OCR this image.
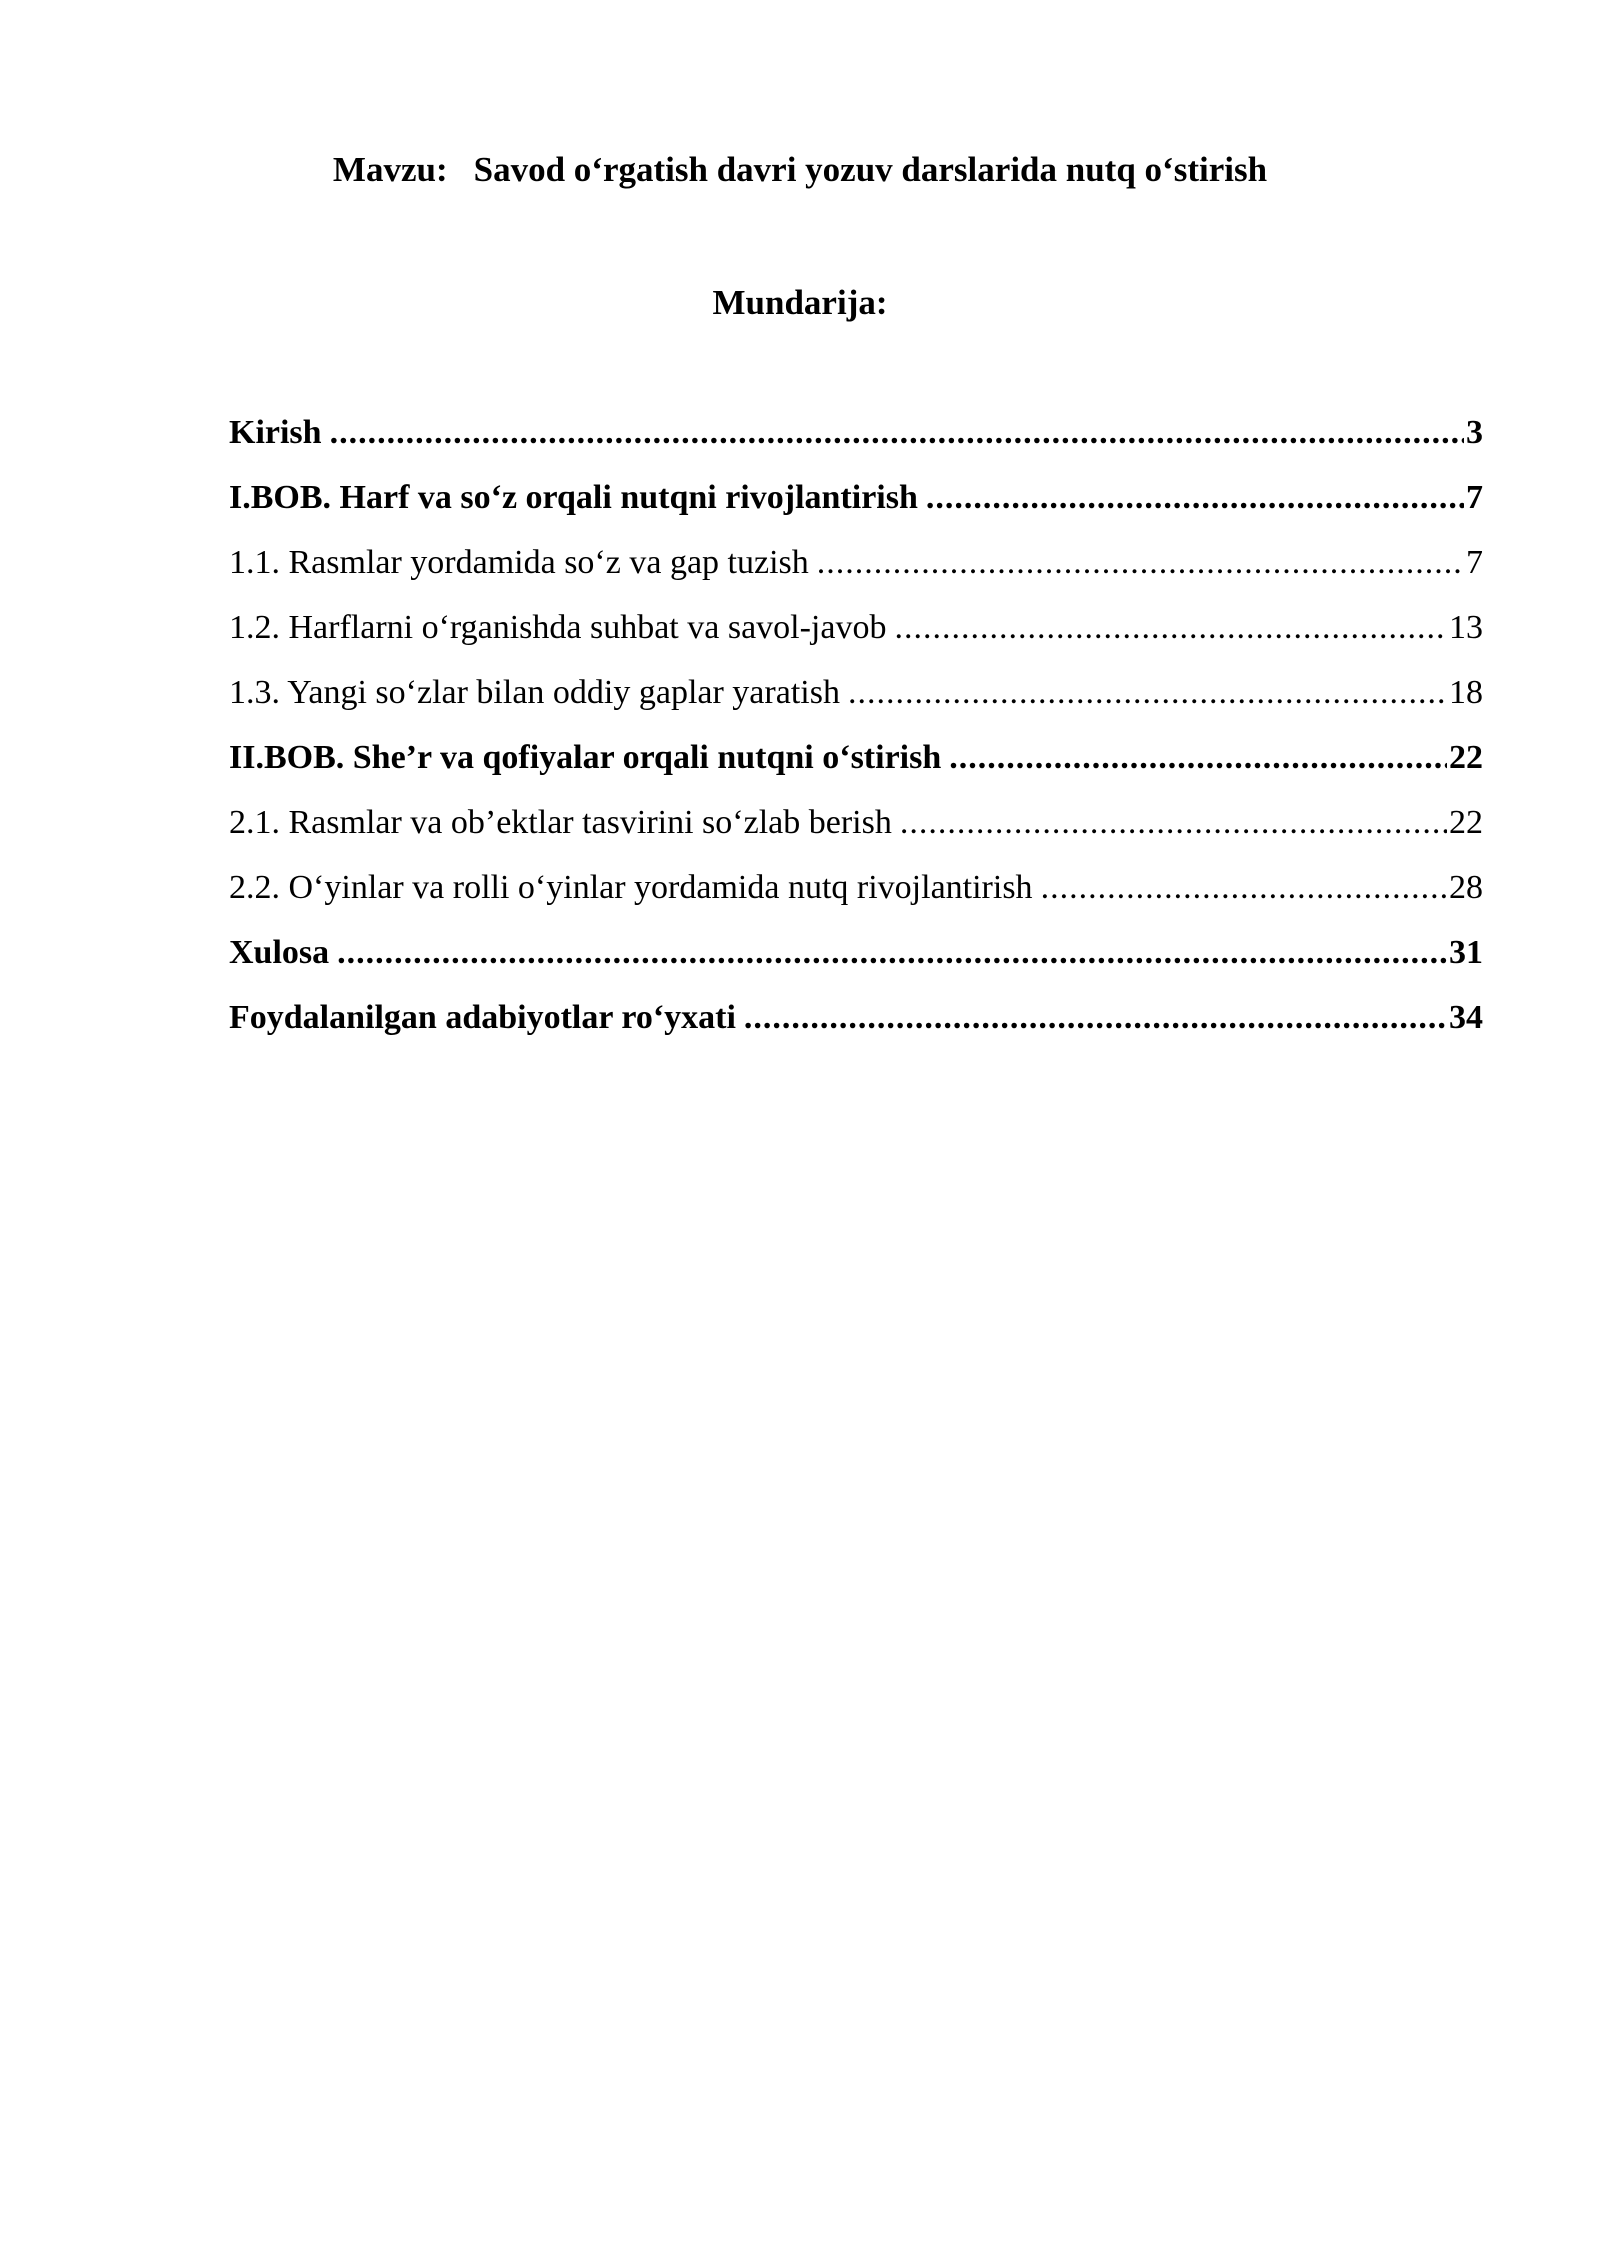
Mavzu: Savod o‘rgatish davri yozuv darslarida nutq o‘stirish
Mundarija:
Kirish .....	3
I.BOB. Harf va so‘z orqali nutqni rivojlantirish .....	7
1.1. Rasmlar yordamida so‘z va gap tuzish .....	7
1.2. Harflarni o‘rganishda suhbat va savol-javob .....	13
1.3. Yangi so‘zlar bilan oddiy gaplar yaratish .....	18
II.BOB. She’r va qofiyalar orqali nutqni o‘stirish .....	22
2.1. Rasmlar va ob’ektlar tasvirini so‘zlab berish .....	22
2.2. O‘yinlar va rolli o‘yinlar yordamida nutq rivojlantirish .....	28
Xulosa .....	31
Foydalanilgan adabiyotlar ro‘yxati .....	34
